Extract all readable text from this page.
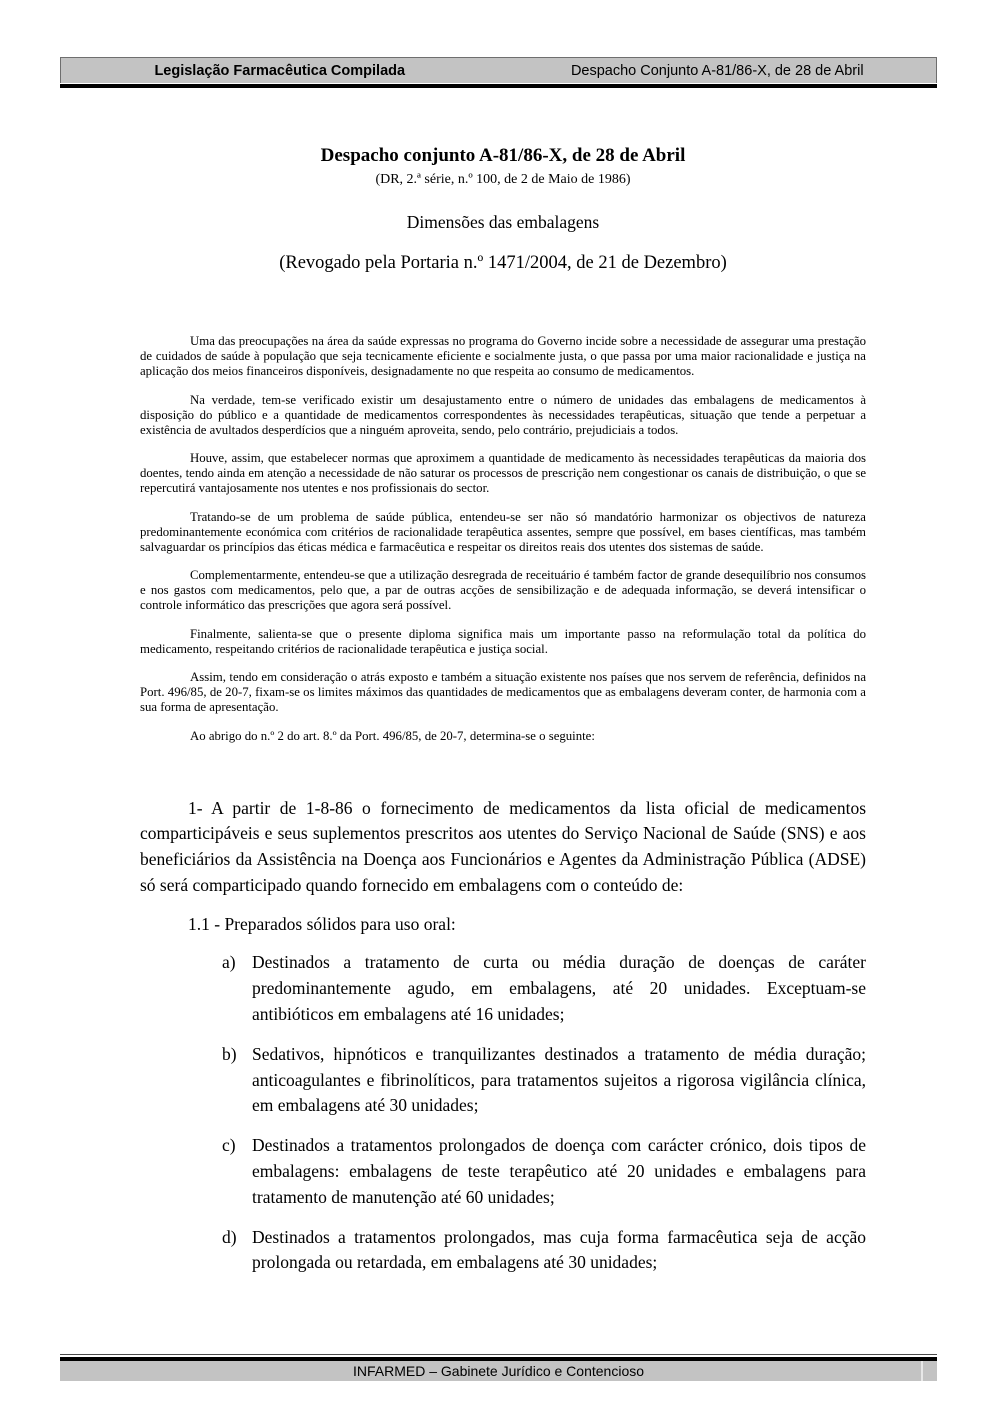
Legislação Farmacêutica Compilada	Despacho Conjunto A-81/86-X, de 28 de Abril
Despacho conjunto A-81/86-X, de 28 de Abril
(DR, 2.ª série, n.º 100, de 2 de Maio de 1986)
Dimensões das embalagens
(Revogado pela Portaria n.º 1471/2004, de 21 de Dezembro)

Uma das preocupações na área da saúde expressas no programa do Governo incide sobre a necessidade de assegurar uma prestação de cuidados de saúde à população que seja tecnicamente eficiente e socialmente justa, o que passa por uma maior racionalidade e justiça na aplicação dos meios financeiros disponíveis, designadamente no que respeita ao consumo de medicamentos.

Na verdade, tem-se verificado existir um desajustamento entre o número de unidades das embalagens de medicamentos à disposição do público e a quantidade de medicamentos correspondentes às necessidades terapêuticas, situação que tende a perpetuar a existência de avultados desperdícios que a ninguém aproveita, sendo, pelo contrário, prejudiciais a todos.

Houve, assim, que estabelecer normas que aproximem a quantidade de medicamento às necessidades terapêuticas da maioria dos doentes, tendo ainda em atenção a necessidade de não saturar os processos de prescrição nem congestionar os canais de distribuição, o que se repercutirá vantajosamente nos utentes e nos profissionais do sector.

Tratando-se de um problema de saúde pública, entendeu-se ser não só mandatório harmonizar os objectivos de natureza predominantemente económica com critérios de racionalidade terapêutica assentes, sempre que possível, em bases científicas, mas também salvaguardar os princípios das éticas médica e farmacêutica e respeitar os direitos reais dos utentes dos sistemas de saúde.

Complementarmente, entendeu-se que a utilização desregrada de receituário é também factor de grande desequilíbrio nos consumos e nos gastos com medicamentos, pelo que, a par de outras acções de sensibilização e de adequada informação, se deverá intensificar o controle informático das prescrições que agora será possível.

Finalmente, salienta-se que o presente diploma significa mais um importante passo na reformulação total da política do medicamento, respeitando critérios de racionalidade terapêutica e justiça social.

Assim, tendo em consideração o atrás exposto e também a situação existente nos países que nos servem de referência, definidos na Port. 496/85, de 20-7, fixam-se os limites máximos das quantidades de medicamentos que as embalagens deveram conter, de harmonia com a sua forma de apresentação.

Ao abrigo do n.º 2 do art. 8.º da Port. 496/85, de 20-7, determina-se o seguinte:

1- A partir de 1-8-86 o fornecimento de medicamentos da lista oficial de medicamentos comparticipáveis e seus suplementos prescritos aos utentes do Serviço Nacional de Saúde (SNS) e aos beneficiários da Assistência na Doença aos Funcionários e Agentes da Administração Pública (ADSE) só será comparticipado quando fornecido em embalagens com o conteúdo de:

1.1 - Preparados sólidos para uso oral:

a) Destinados a tratamento de curta ou média duração de doenças de caráter predominantemente agudo, em embalagens, até 20 unidades. Exceptuam-se antibióticos em embalagens até 16 unidades;
b) Sedativos, hipnóticos e tranquilizantes destinados a tratamento de média duração; anticoagulantes e fibrinolíticos, para tratamentos sujeitos a rigorosa vigilância clínica, em embalagens até 30 unidades;
c) Destinados a tratamentos prolongados de doença com carácter crónico, dois tipos de embalagens: embalagens de teste terapêutico até 20 unidades e embalagens para tratamento de manutenção até 60 unidades;
d) Destinados a tratamentos prolongados, mas cuja forma farmacêutica seja de acção prolongada ou retardada, em embalagens até 30 unidades;
INFARMED – Gabinete Jurídico e Contencioso
